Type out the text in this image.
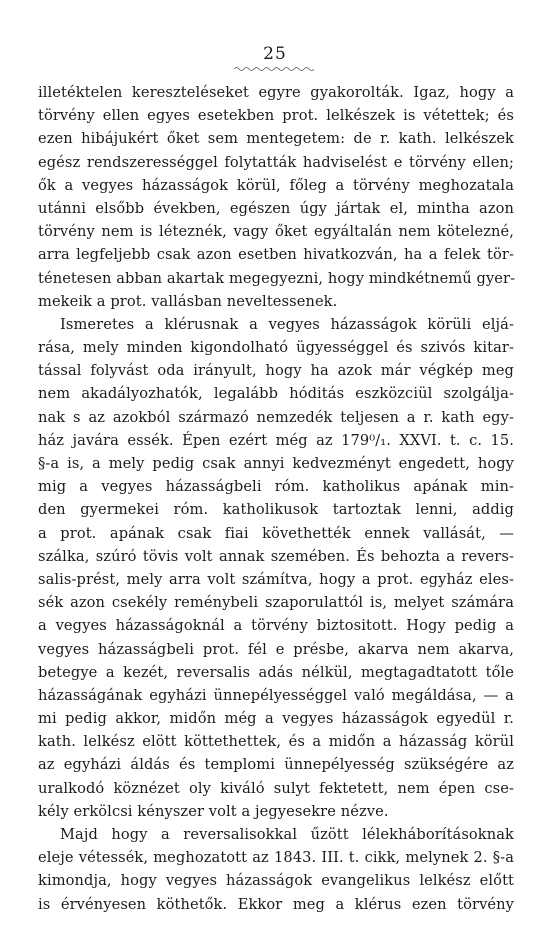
25
illetéktelen kereszteléseket egyre gyakorolták. Igaz, hogy a
törvény ellen egyes esetekben prot. lelkészek is vétettek; és
ezen hibájukért őket sem mentegetem: de r. kath. lelkészek
egész rendszerességgel folytatták hadviselést e törvény ellen;
ők a vegyes házasságok körül, főleg a törvény meghozatala
utánni elsőbb években, egészen úgy jártak el, mintha azon
törvény nem is léteznék, vagy őket egyáltalán nem kötelezné,
arra legfeljebb csak azon esetben hivatkozván, ha a felek tör-
ténetesen abban akartak megegyezni, hogy mindkétnemű gyer-
mekeik a prot. vallásban neveltessenek.
Ismeretes a klérusnak a vegyes házasságok körüli eljá-
rása, mely minden kigondolható ügyességgel és szivós kitar-
tással folyvást oda irányult, hogy ha azok már végkép meg
nem akadályozhatók, legalább hóditás eszközciül szolgálja-
nak s az azokból származó nemzedék teljesen a r. kath egy-
ház javára essék. Épen ezért még az 179⁰/₁. XXVI. t. c. 15.
§-a is, a mely pedig csak annyi kedvezményt engedett, hogy
mig a vegyes házasságbeli róm. katholikus apának min-
den gyermekei róm. katholikusok tartoztak lenni, addig
a prot. apának csak fiai követhették ennek vallását, —
szálka, szúró tövis volt annak szemében. És behozta a revers-
salis-prést, mely arra volt számítva, hogy a prot. egyház eles-
sék azon csekély reménybeli szaporulattól is, melyet számára
a vegyes házasságoknál a törvény biztositott. Hogy pedig a
vegyes házasságbeli prot. fél e présbe, akarva nem akarva,
betegye a kezét, reversalis adás nélkül, megtagadtatott tőle
házasságának egyházi ünnepélyességgel való megáldása, — a
mi pedig akkor, midőn még a vegyes házasságok egyedül r.
kath. lelkész elött köttethettek, és a midőn a házasság körül
az egyházi áldás és templomi ünnepélyesség szükségére az
uralkodó köznézet oly kiváló sulyt fektetett, nem épen cse-
kély erkölcsi kényszer volt a jegyesekre nézve.
Majd hogy a reversalisokkal űzött lélekháborításoknak
eleje vétessék, meghozatott az 1843. III. t. cikk, melynek 2. §-a
kimondja, hogy vegyes házasságok evangelikus lelkész előtt
is érvényesen köthetők. Ekkor meg a klérus ezen törvény
